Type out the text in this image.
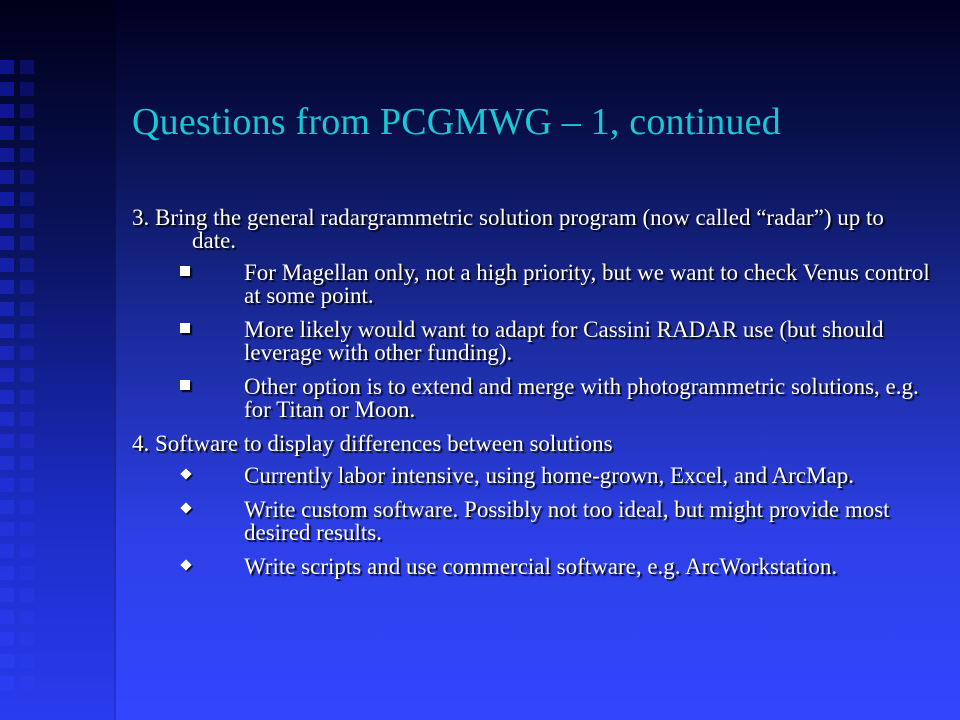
Questions from PCGMWG – 1, continued
3. Bring the general radargrammetric solution program (now called “radar”) up to date.
For Magellan only, not a high priority, but we want to check Venus control at some point.
More likely would want to adapt for Cassini RADAR use (but should leverage with other funding).
Other option is to extend and merge with photogrammetric solutions, e.g. for Titan or Moon.
4. Software to display differences between solutions
Currently labor intensive, using home-grown, Excel, and ArcMap.
Write custom software. Possibly not too ideal, but might provide most desired results.
Write scripts and use commercial software, e.g. ArcWorkstation.
